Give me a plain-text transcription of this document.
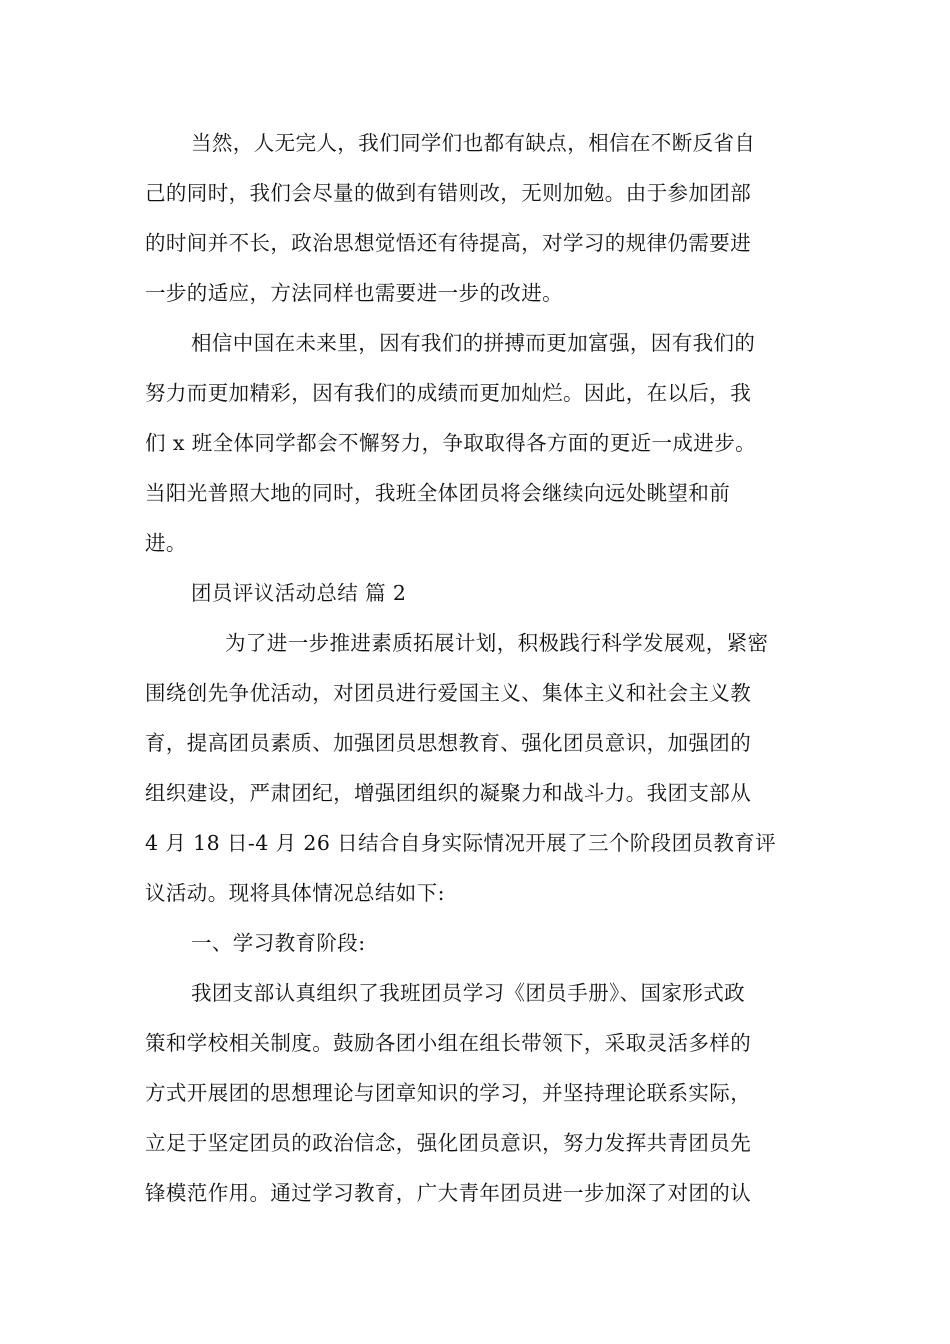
当然，人无完人，我们同学们也都有缺点，相信在不断反省自
己的同时，我们会尽量的做到有错则改，无则加勉。由于参加团部
的时间并不长，政治思想觉悟还有待提高，对学习的规律仍需要进
一步的适应，方法同样也需要进一步的改进。
相信中国在未来里，因有我们的拼搏而更加富强，因有我们的
努力而更加精彩，因有我们的成绩而更加灿烂。因此，在以后，我
们 x 班全体同学都会不懈努力，争取取得各方面的更近一成进步。
当阳光普照大地的同时，我班全体团员将会继续向远处眺望和前
进。
团员评议活动总结 篇 2
为了进一步推进素质拓展计划，积极践行科学发展观，紧密
围绕创先争优活动，对团员进行爱国主义、集体主义和社会主义教
育，提高团员素质、加强团员思想教育、强化团员意识，加强团的
组织建设，严肃团纪，增强团组织的凝聚力和战斗力。我团支部从
4 月 18 日-4 月 26 日结合自身实际情况开展了三个阶段团员教育评
议活动。现将具体情况总结如下:
一、学习教育阶段:
我团支部认真组织了我班团员学习《团员手册》、国家形式政
策和学校相关制度。鼓励各团小组在组长带领下，采取灵活多样的
方式开展团的思想理论与团章知识的学习，并坚持理论联系实际，
立足于坚定团员的政治信念，强化团员意识，努力发挥共青团员先
锋模范作用。通过学习教育，广大青年团员进一步加深了对团的认
